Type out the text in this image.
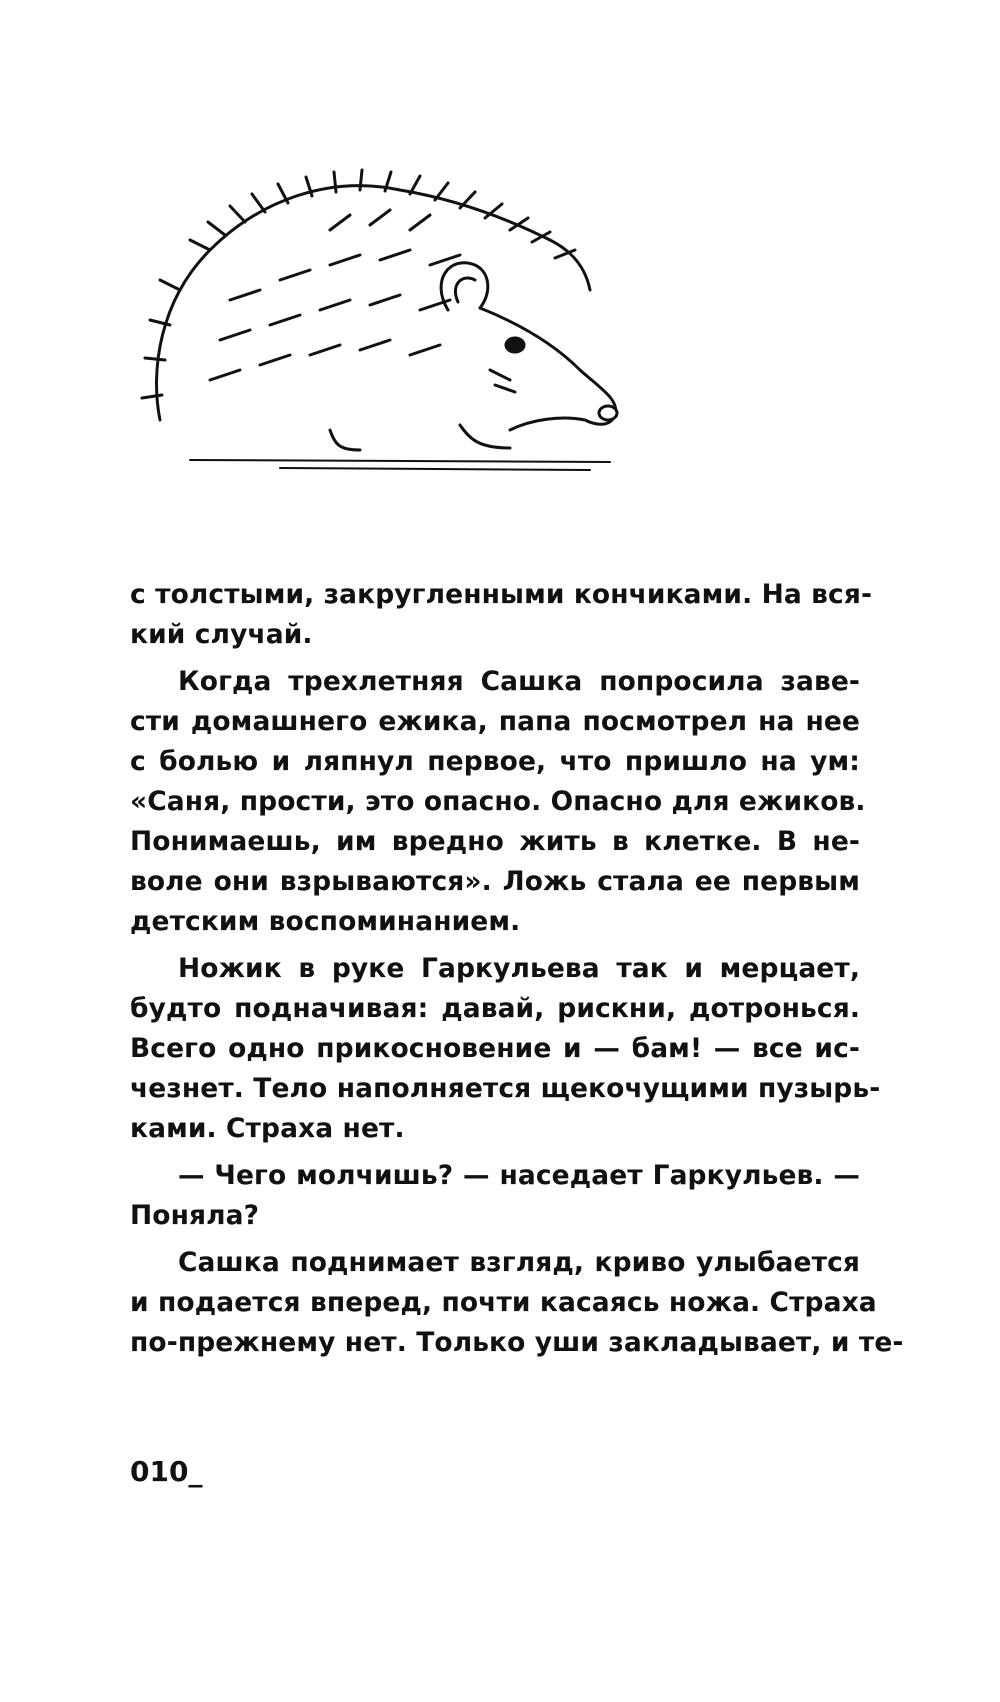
с толстыми, закругленными кончиками. На вся-
кий случай.
Когда трехлетняя Сашка попросила заве-
сти домашнего ежика, папа посмотрел на нее
с болью и ляпнул первое, что пришло на ум:
«Саня, прости, это опасно. Опасно для ежиков.
Понимаешь, им вредно жить в клетке. В не-
воле они взрываются». Ложь стала ее первым
детским воспоминанием.
Ножик в руке Гаркульева так и мерцает,
будто подначивая: давай, рискни, дотронься.
Всего одно прикосновение и — бам! — все ис-
чезнет. Тело наполняется щекочущими пузырь-
ками. Страха нет.
— Чего молчишь? — наседает Гаркульев. —
Поняла?
Сашка поднимает взгляд, криво улыбается
и подается вперед, почти касаясь ножа. Страха
по-прежнему нет. Только уши закладывает, и те-
010_
